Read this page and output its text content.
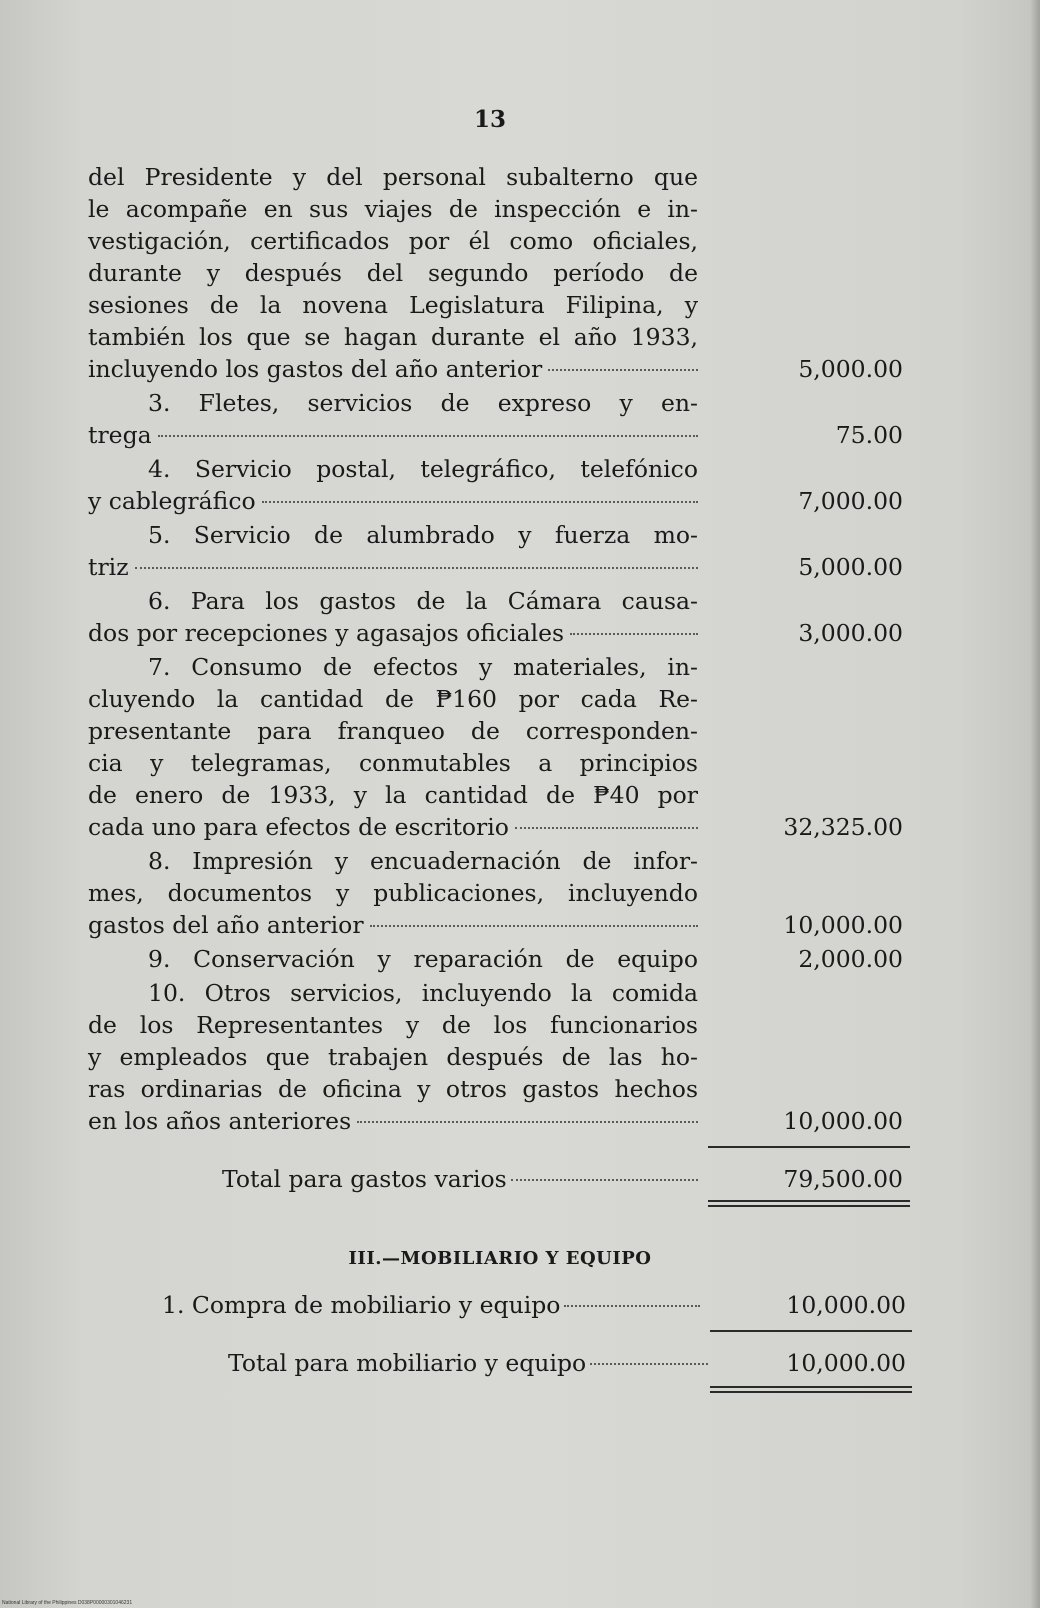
13
del Presidente y del personal subalterno que
le acompañe en sus viajes de inspección e in-
vestigación, certificados por él como oficiales,
durante y después del segundo período de
sesiones de la novena Legislatura Filipina, y
también los que se hagan durante el año 1933,
incluyendo los gastos del año anterior	5,000.00
3. Fletes, servicios de expreso y en-
trega	75.00
4. Servicio postal, telegráfico, telefónico
y cablegráfico	7,000.00
5. Servicio de alumbrado y fuerza mo-
triz	5,000.00
6. Para los gastos de la Cámara causa-
dos por recepciones y agasajos oficiales	3,000.00
7. Consumo de efectos y materiales, in-
cluyendo la cantidad de ₱160 por cada Re-
presentante para franqueo de corresponden-
cia y telegramas, conmutables a principios
de enero de 1933, y la cantidad de ₱40 por
cada uno para efectos de escritorio	32,325.00
8. Impresión y encuadernación de infor-
mes, documentos y publicaciones, incluyendo
gastos del año anterior	10,000.00
9. Conservación y reparación de equipo	2,000.00
10. Otros servicios, incluyendo la comida
de los Representantes y de los funcionarios
y empleados que trabajen después de las ho-
ras ordinarias de oficina y otros gastos hechos
en los años anteriores	10,000.00
Total para gastos varios	79,500.00
III.—MOBILIARIO Y EQUIPO
1. Compra de mobiliario y equipo	10,000.00
Total para mobiliario y equipo	10,000.00
National Library of the Philippines D038P00000301046231
